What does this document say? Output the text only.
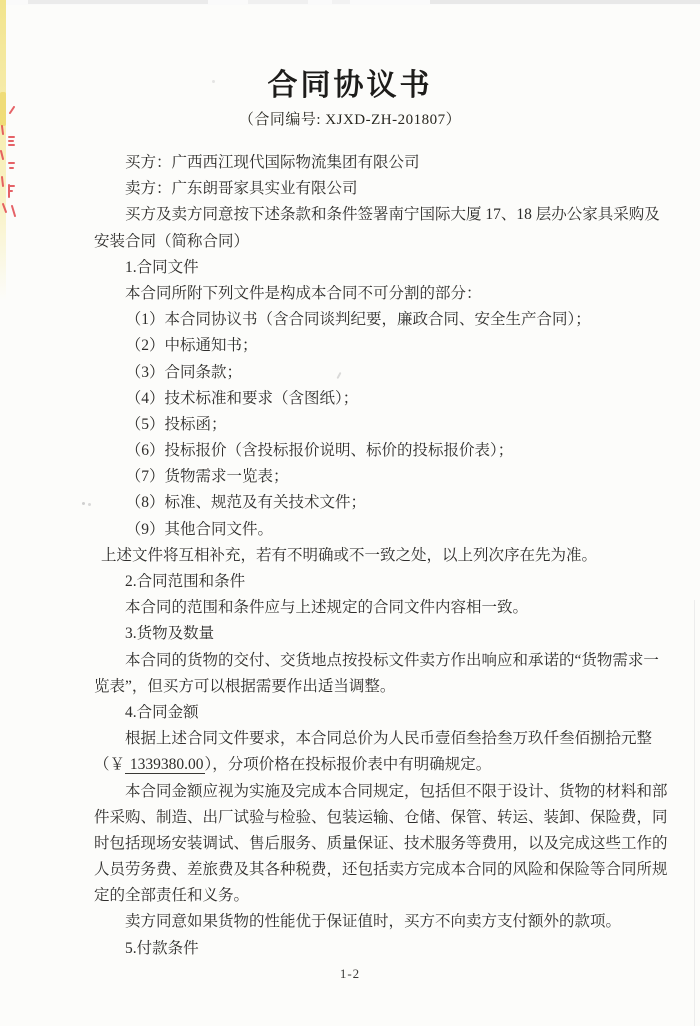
合同协议书
（合同编号: XJXD-ZH-201807）
买方：广西西江现代国际物流集团有限公司
卖方：广东朗哥家具实业有限公司
买方及卖方同意按下述条款和条件签署南宁国际大厦 17、18 层办公家具采购及
安装合同（简称合同）
1.合同文件
本合同所附下列文件是构成本合同不可分割的部分：
（1）本合同协议书（含合同谈判纪要，廉政合同、安全生产合同）；
（2）中标通知书；
（3）合同条款；
（4）技术标准和要求（含图纸）；
（5）投标函；
（6）投标报价（含投标报价说明、标价的投标报价表）；
（7）货物需求一览表；
（8）标准、规范及有关技术文件；
（9）其他合同文件。
上述文件将互相补充，若有不明确或不一致之处，以上列次序在先为准。
2.合同范围和条件
本合同的范围和条件应与上述规定的合同文件内容相一致。
3.货物及数量
本合同的货物的交付、交货地点按投标文件卖方作出响应和承诺的“货物需求一
览表”，但买方可以根据需要作出适当调整。
4.合同金额
根据上述合同文件要求，本合同总价为人民币壹佰叁拾叁万玖仟叁佰捌拾元整
（￥ 1339380.00），分项价格在投标报价表中有明确规定。
本合同金额应视为实施及完成本合同规定，包括但不限于设计、货物的材料和部
件采购、制造、出厂试验与检验、包装运输、仓储、保管、转运、装卸、保险费，同
时包括现场安装调试、售后服务、质量保证、技术服务等费用，以及完成这些工作的
人员劳务费、差旅费及其各种税费，还包括卖方完成本合同的风险和保险等合同所规
定的全部责任和义务。
卖方同意如果货物的性能优于保证值时，买方不向卖方支付额外的款项。
5.付款条件
1-2
